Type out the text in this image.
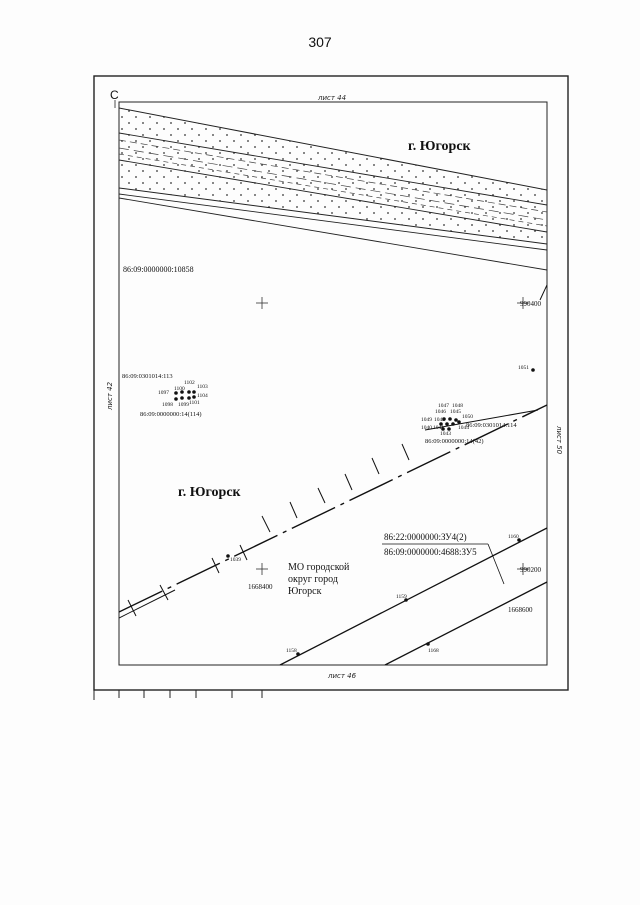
307
С	лист 44
лист 46
лист 42
лист 50
г. Югорск
г. Югорск
86:09:0000000:10858
990400
990200
1668400
1668600
86:09:0301014:113
86:09:0000000:14(114)
1097
1100
1102
1103
1104
1101
1098 1099	1047 1048
1046 1045
1049 1042	1050
1040 1041
1043
1044
86:09:0301014:114
86:09:0000000:14(42)
1051
1039
1160
1159
1158	1168
МО городской
округ город
Югорск
86:22:0000000:ЗУ4(2)
86:09:0000000:4688:ЗУ5
